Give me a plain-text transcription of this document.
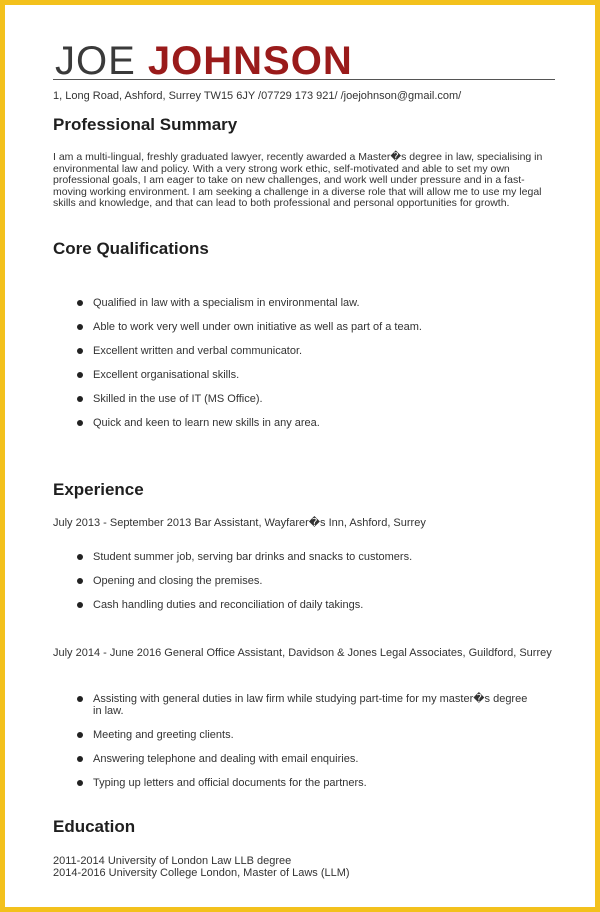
JOE JOHNSON
1, Long Road, Ashford, Surrey TW15 6JY /07729 173 921/ /joejohnson@gmail.com/
Professional Summary

I am a multi-lingual, freshly graduated lawyer, recently awarded a Master�s degree in law, specialising in environmental law and policy. With a very strong work ethic, self-motivated and able to set my own professional goals, I am eager to take on new challenges, and work well under pressure and in a fast-moving working environment. I am seeking a challenge in a diverse role that will allow me to use my legal skills and knowledge, and that can lead to both professional and personal opportunities for growth.

Core Qualifications
Qualified in law with a specialism in environmental law.
Able to work very well under own initiative as well as part of a team.
Excellent written and verbal communicator.
Excellent organisational skills.
Skilled in the use of IT (MS Office).
Quick and keen to learn new skills in any area.
Experience
July 2013 - September 2013 Bar Assistant, Wayfarer�s Inn, Ashford, Surrey
Student summer job, serving bar drinks and snacks to customers.
Opening and closing the premises.
Cash handling duties and reconciliation of daily takings.
July 2014 - June 2016 General Office Assistant, Davidson & Jones Legal Associates, Guildford, Surrey
Assisting with general duties in law firm while studying part-time for my master�s degree in law.
Meeting and greeting clients.
Answering telephone and dealing with email enquiries.
Typing up letters and official documents for the partners.
Education
2011-2014 University of London Law LLB degree
2014-2016 University College London, Master of Laws (LLM)
